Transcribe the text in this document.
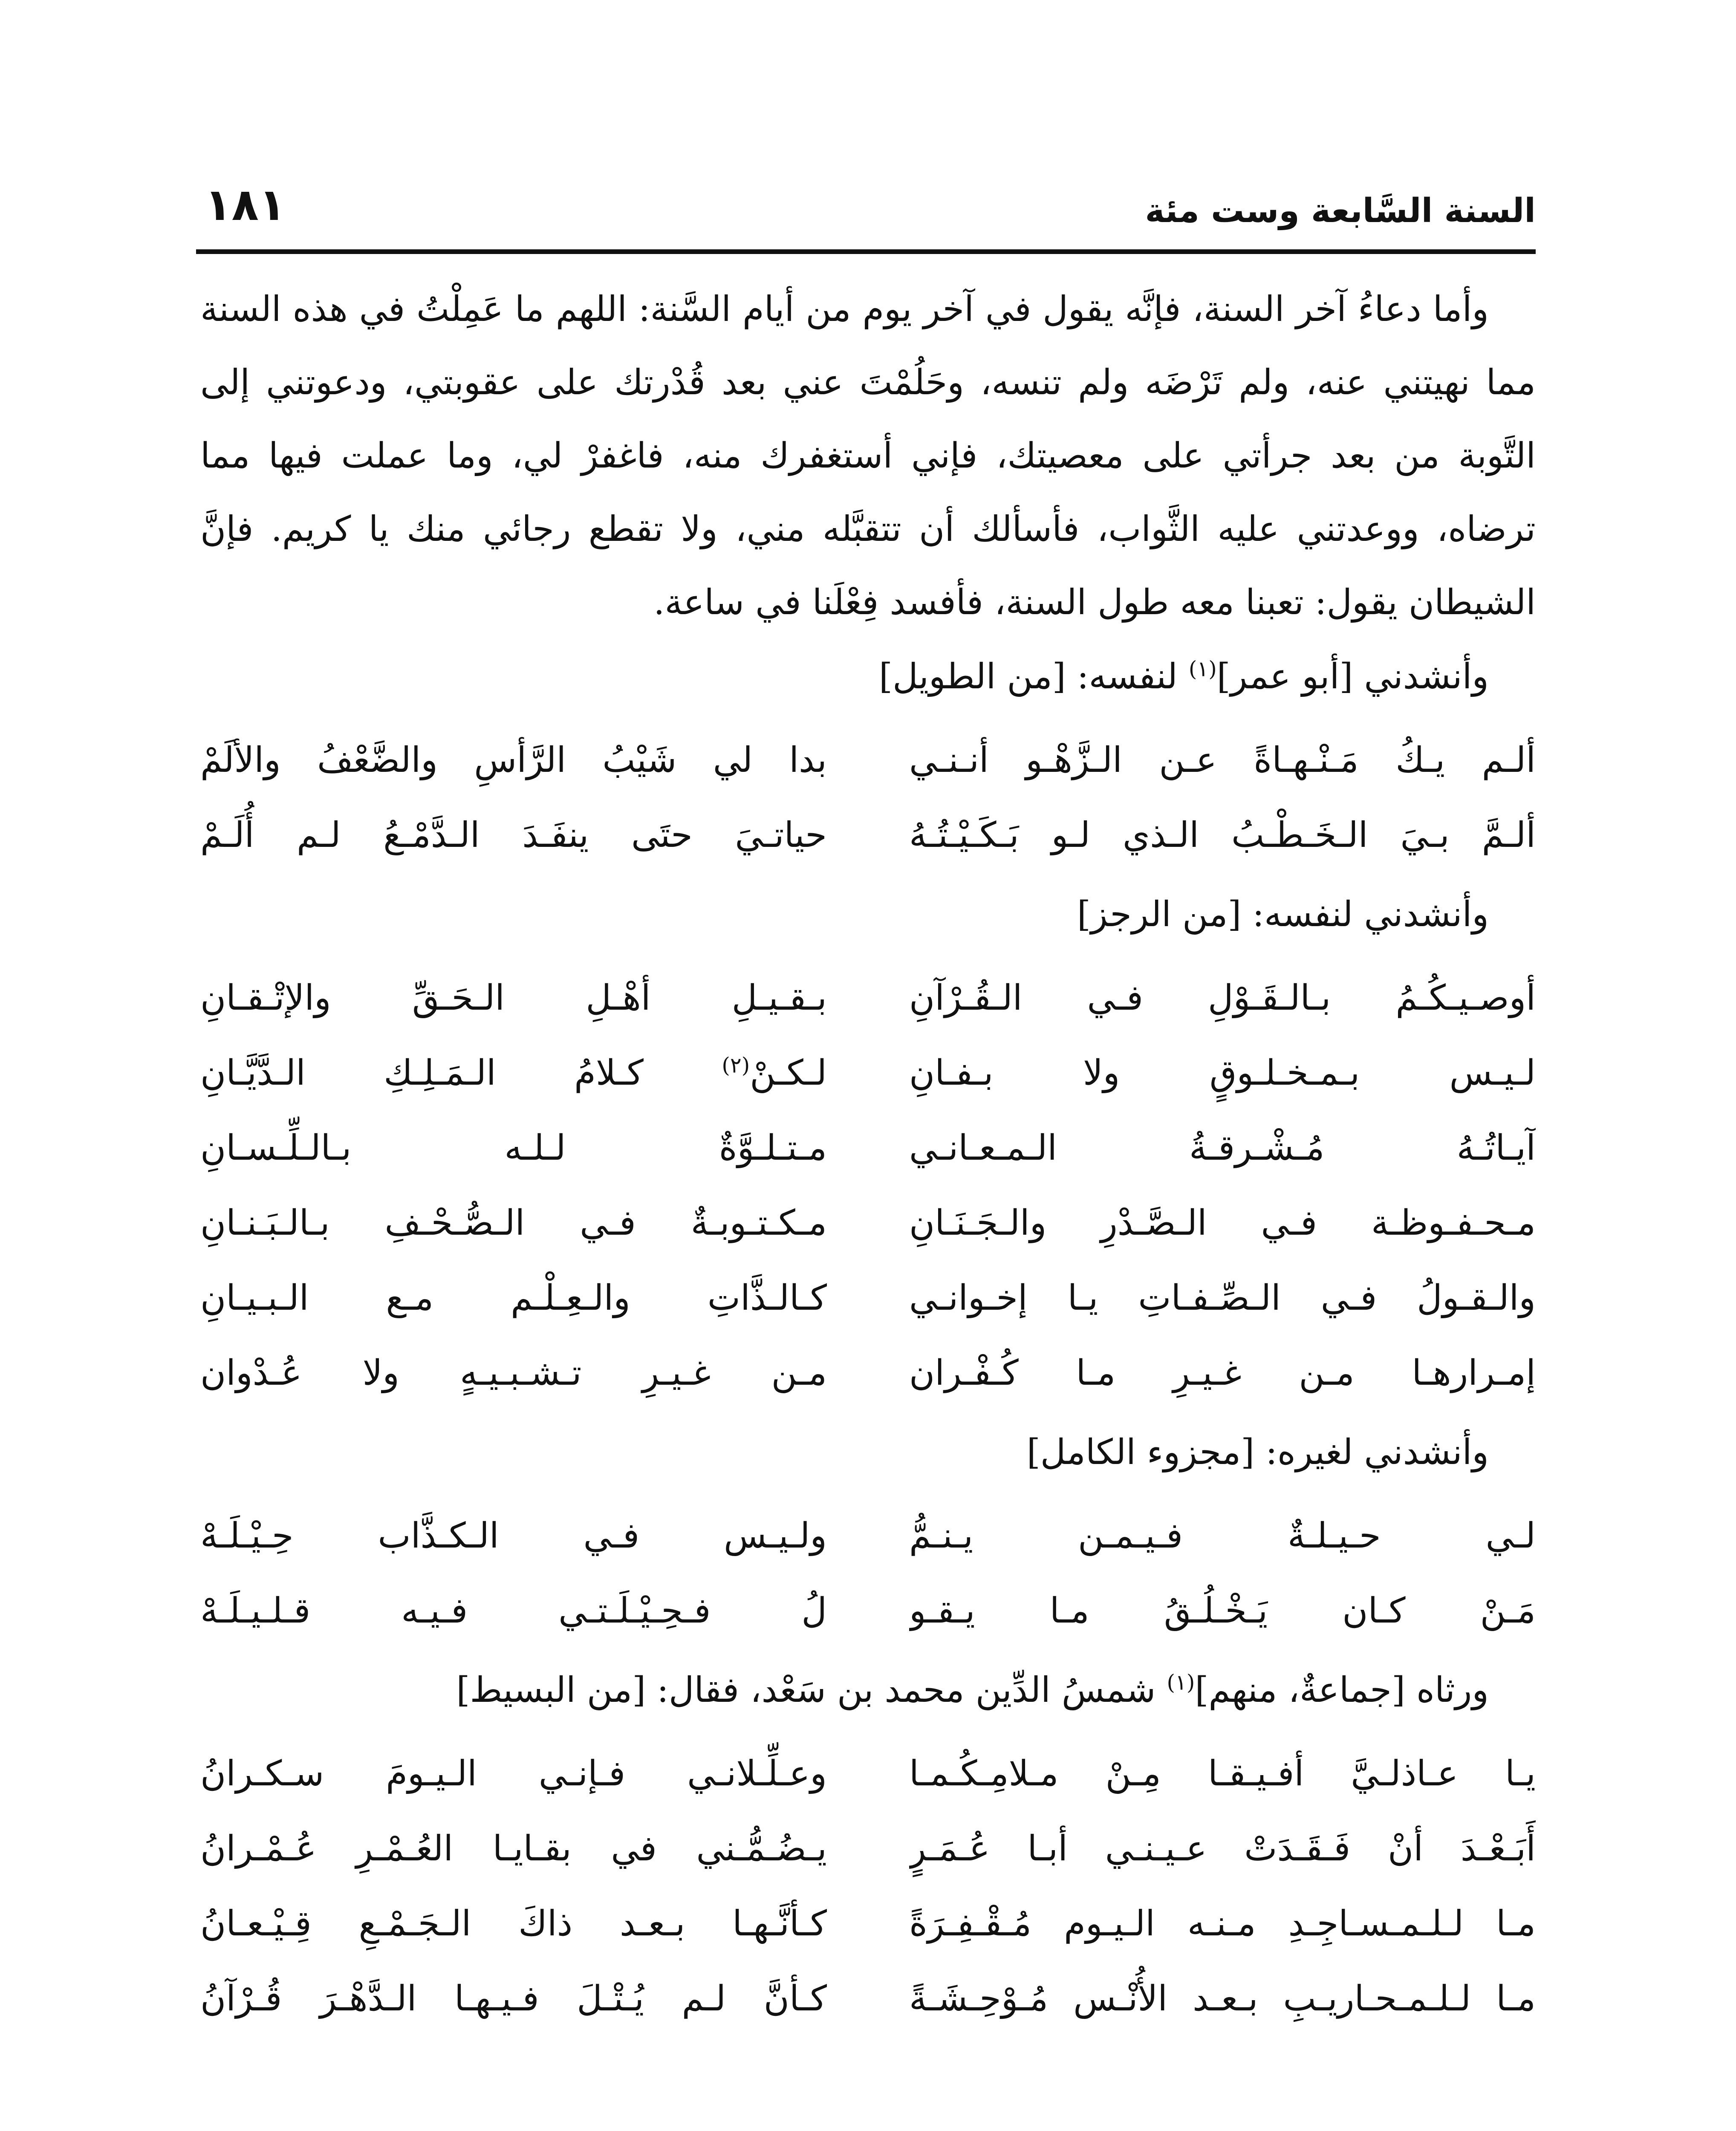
السنة السَّابعة وست مئة
١٨١

وأما دعاءُ آخر السنة، فإنَّه يقول في آخر يوم من أيام السَّنة: اللهم ما عَمِلْتُ في هذه السنة مما نهيتني عنه، ولم تَرْضَه ولم تنسه، وحَلُمْتَ عني بعد قُدْرتك على عقوبتي، ودعوتني إلى التَّوبة من بعد جرأتي على معصيتك، فإني أستغفرك منه، فاغفرْ لي، وما عملت فيها مما ترضاه، ووعدتني عليه الثَّواب، فأسألك أن تتقبَّله مني، ولا تقطع رجائي منك يا كريم. فإنَّ الشيطان يقول: تعبنا معه طول السنة، فأفسد فِعْلَنا في ساعة.

وأنشدني [أبو عمر]$^{(١)}$ لنفسه: [من الطويل]

ألـم يـكُ مَـنْـهـاةً عـن الـزَّهْـو أنـنـي
بدا لي شَيْبُ الرَّأسِ والضَّعْفُ والألَمْ
ألـمَّ بـيَ الـخَـطْـبُ الـذي لـو بَـكَـيْـتُـهُ
حياتـيَ حتَى ينفَـدَ الـدَّمْـعُ لـم أُلَـمْ

وأنشدني لنفسه: [من الرجز]

أوصـيـكُـمُ بـالـقَـوْلِ فـي الـقُـرْآنِ
بـقـيـلِ أهْـلِ الـحَـقِّ والإتْـقـانِ
لـيـس بـمـخـلـوقٍ ولا بـفـانِ
لـكـنْ$^{(٢)}$ كـلامُ الـمَـلِـكِ الـدَّيَّـانِ
آيـاتُـهُ مُـشْـرقـةُ الـمـعـانـي
مـتـلـوَّةٌ لـلـه بـالـلِّـسـانِ
مـحـفـوظـة فـي الـصَّـدْرِ والـجَـنَـانِ
مـكـتـوبـةٌ فـي الـصُّـحْـفِ بـالـبَـنـانِ
والـقـولُ فـي الـصِّـفـاتِ يـا إخـوانـي
كـالـذَّاتِ والـعِـلْـم مـع الـبـيـانِ
إمـرارهـا مـن غـيـرِ مـا كُـفْـران
مـن غـيـرِ تـشـبـيـهٍ ولا عُـدْوان

وأنشدني لغيره: [مجزوء الكامل]

لـي حـيـلـةٌ فـيـمـن يـنـمُّ
ولـيـس فـي الـكـذَّاب حِـيْـلَـهْ
مَـنْ كـان يَـخْـلُـقُ مـا يـقـو
لُ فـحِـيْـلَـتـي فـيـه قـلـيـلَـهْ

ورثاه [جماعةٌ، منهم]$^{(١)}$ شمسُ الدِّين محمد بن سَعْد، فقال: [من البسيط]

يـا عـاذلـيَّ أفـيـقـا مِـنْ مـلامِـكُـمـا
وعـلِّـلانـي فـإنـي الـيـومَ سـكـرانُ
أَبَـعْـدَ أنْ فَـقَـدَتْ عـيـنـي أبـا عُـمَـرٍ
يـضُـمُّـني في بقـايـا العُـمْـرِ عُـمْـرانُ
مـا لـلـمـسـاجِـدِ مـنـه الـيـوم مُـقْـفِـرَةً
كـأنَّـهـا بـعـد ذاكَ الـجَـمْـعِ قِـيْـعـانُ
مـا لـلـمـحـاريـبِ بـعـد الأُنْـس مُـوْحِـشَـةً
كـأنَّ لـم يُـتْـلَ فـيـهـا الـدَّهْـرَ قُـرْآنُ
